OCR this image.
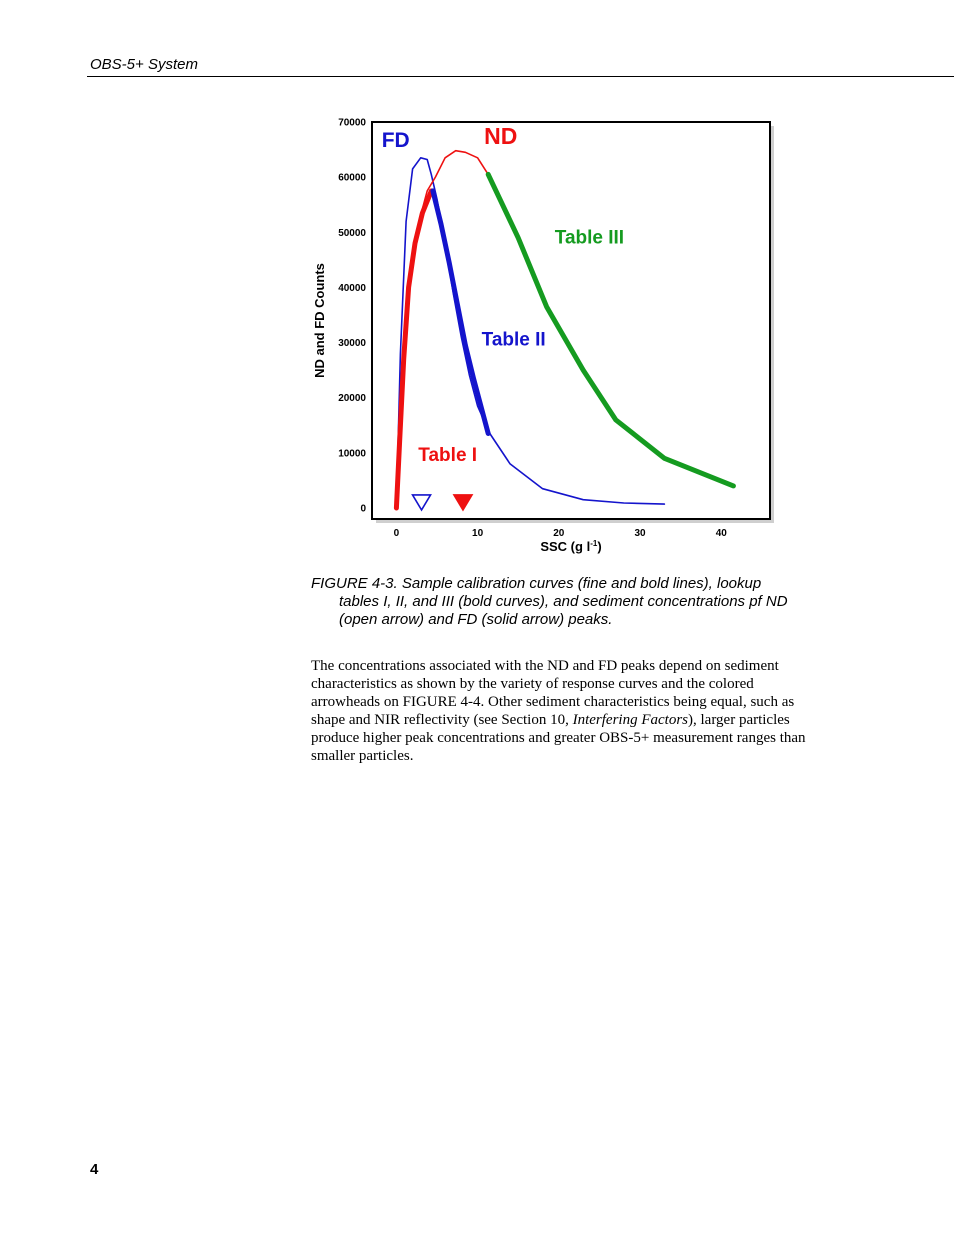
OBS-5+ System
0
10000
20000
30000
40000
50000
60000
70000
0	10	20	30	40
SSC (g $l^{-1}$)
ND and FD Counts
FD	ND
Table III
Table II
Table I
FIGURE 4-3. Sample calibration curves (fine and bold lines), lookup
tables I, II, and III (bold curves), and sediment concentrations pf ND
(open arrow) and FD (solid arrow) peaks.
The concentrations associated with the ND and FD peaks depend on sediment characteristics as shown by the variety of response curves and the colored arrowheads on FIGURE 4-4. Other sediment characteristics being equal, such as shape and NIR reflectivity (see Section 10, Interfering Factors), larger particles produce higher peak concentrations and greater OBS-5+ measurement ranges than smaller particles.
4
